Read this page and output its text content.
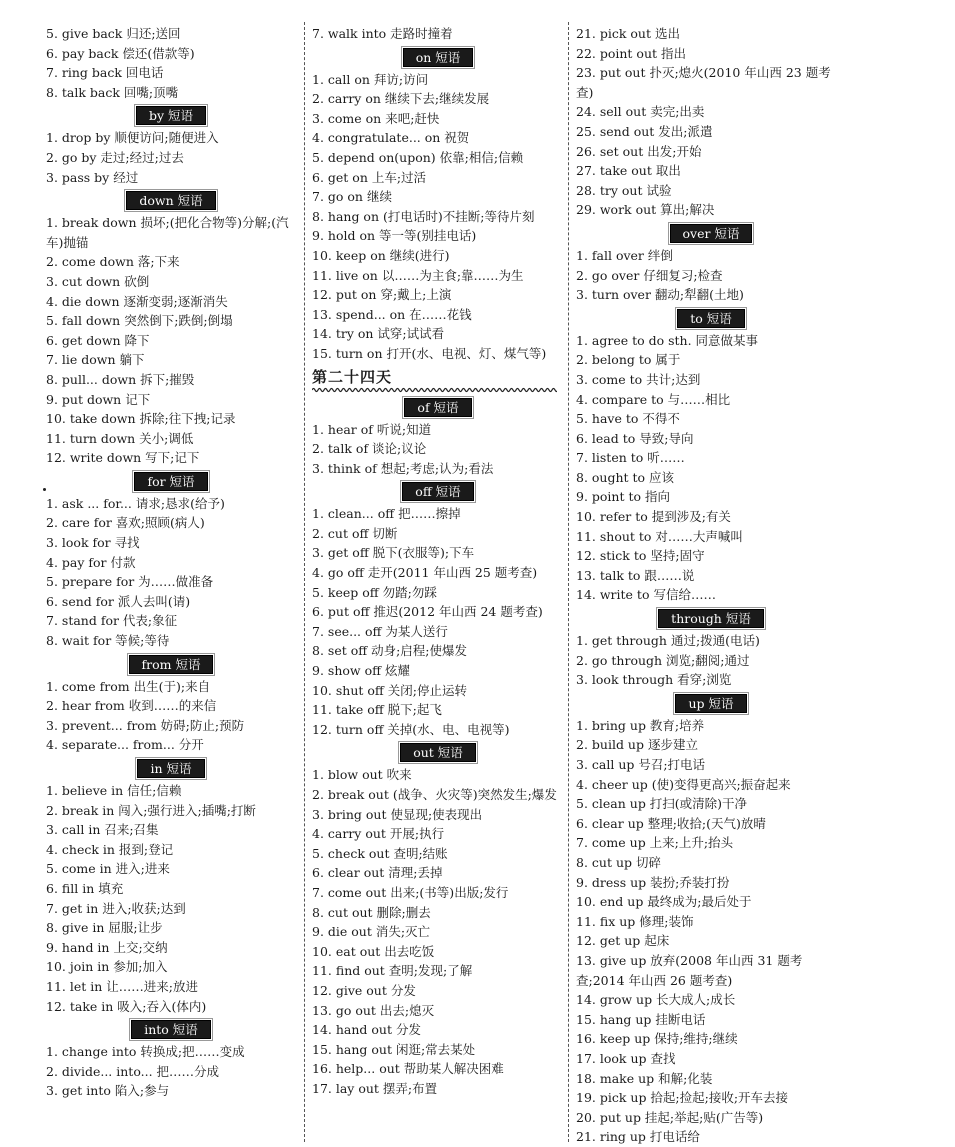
5. give back 归还;送回

6. pay back 偿还(借款等)

7. ring back 回电话

8. talk back 回嘴;顶嘴

by 短语

1. drop by 顺便访问;随便进入

2. go by 走过;经过;过去

3. pass by 经过

down 短语

1. break down 损坏;(把化合物等)分解;(汽车)抛锚

2. come down 落;下来

3. cut down 砍倒

4. die down 逐渐变弱;逐渐消失

5. fall down 突然倒下;跌倒;倒塌

6. get down 降下

7. lie down 躺下

8. pull... down 拆下;摧毁

9. put down 记下

10. take down 拆除;往下拽;记录

11. turn down 关小;调低

12. write down 写下;记下

for 短语

1. ask ... for... 请求;恳求(给予)

2. care for 喜欢;照顾(病人)

3. look for 寻找

4. pay for 付款

5. prepare for 为……做准备

6. send for 派人去叫(请)

7. stand for 代表;象征

8. wait for 等候;等待

from 短语

1. come from 出生(于);来自

2. hear from 收到……的来信

3. prevent... from 妨碍;防止;预防

4. separate... from... 分开

in 短语

1. believe in 信任;信赖

2. break in 闯入;强行进入;插嘴;打断

3. call in 召来;召集

4. check in 报到;登记

5. come in 进入;进来

6. fill in 填充

7. get in 进入;收获;达到

8. give in 屈服;让步

9. hand in 上交;交纳

10. join in 参加;加入

11. let in 让……进来;放进

12. take in 吸入;吞入(体内)

into 短语

1. change into 转换成;把……变成

2. divide... into... 把……分成

3. get into 陷入;参与

7. walk into 走路时撞着

on 短语

1. call on 拜访;访问

2. carry on 继续下去;继续发展

3. come on 来吧;赶快

4. congratulate... on 祝贺

5. depend on(upon) 依靠;相信;信赖

6. get on 上车;过活

7. go on 继续

8. hang on (打电话时)不挂断;等待片刻

9. hold on 等一等(别挂电话)

10. keep on 继续(进行)

11. live on 以……为主食;靠……为生

12. put on 穿;戴上;上演

13. spend... on 在……花钱

14. try on 试穿;试试看

15. turn on 打开(水、电视、灯、煤气等)

第二十四天
of 短语

1. hear of 听说;知道

2. talk of 谈论;议论

3. think of 想起;考虑;认为;看法

off 短语

1. clean... off 把……擦掉

2. cut off 切断

3. get off 脱下(衣服等);下车

4. go off 走开(2011 年山西 25 题考查)

5. keep off 勿踏;勿踩

6. put off 推迟(2012 年山西 24 题考查)

7. see... off 为某人送行

8. set off 动身;启程;使爆发

9. show off 炫耀

10. shut off 关闭;停止运转

11. take off 脱下;起飞

12. turn off 关掉(水、电、电视等)

out 短语

1. blow out 吹来

2. break out (战争、火灾等)突然发生;爆发

3. bring out 使显现;使表现出

4. carry out 开展;执行

5. check out 查明;结账

6. clear out 清理;丢掉

7. come out 出来;(书等)出版;发行

8. cut out 删除;删去

9. die out 消失;灭亡

10. eat out 出去吃饭

11. find out 查明;发现;了解

12. give out 分发

13. go out 出去;熄灭

14. hand out 分发

15. hang out 闲逛;常去某处

16. help... out 帮助某人解决困难

17. lay out 摆弄;布置

21. pick out 选出

22. point out 指出

23. put out 扑灭;熄火(2010 年山西 23 题考查)

24. sell out 卖完;出卖

25. send out 发出;派遣

26. set out 出发;开始

27. take out 取出

28. try out 试验

29. work out 算出;解决

over 短语

1. fall over 绊倒

2. go over 仔细复习;检查

3. turn over 翻动;犁翻(土地)

to 短语

1. agree to do sth. 同意做某事

2. belong to 属于

3. come to 共计;达到

4. compare to 与……相比

5. have to 不得不

6. lead to 导致;导向

7. listen to 听……

8. ought to 应该

9. point to 指向

10. refer to 提到涉及;有关

11. shout to 对……大声喊叫

12. stick to 坚持;固守

13. talk to 跟……说

14. write to 写信给……

through 短语

1. get through 通过;拨通(电话)

2. go through 浏览;翻阅;通过

3. look through 看穿;浏览

up 短语

1. bring up 教育;培养

2. build up 逐步建立

3. call up 号召;打电话

4. cheer up (使)变得更高兴;振奋起来

5. clean up 打扫(或清除)干净

6. clear up 整理;收拾;(天气)放晴

7. come up 上来;上升;抬头

8. cut up 切碎

9. dress up 装扮;乔装打扮

10. end up 最终成为;最后处于

11. fix up 修理;装饰

12. get up 起床

13. give up 放弃(2008 年山西 31 题考查;2014 年山西 26 题考查)

14. grow up 长大成人;成长

15. hang up 挂断电话

16. keep up 保持;维持;继续

17. look up 查找

18. make up 和解;化装

19. pick up 拾起;捡起;接收;开车去接

20. put up 挂起;举起;贴(广告等)

21. ring up 打电话给
